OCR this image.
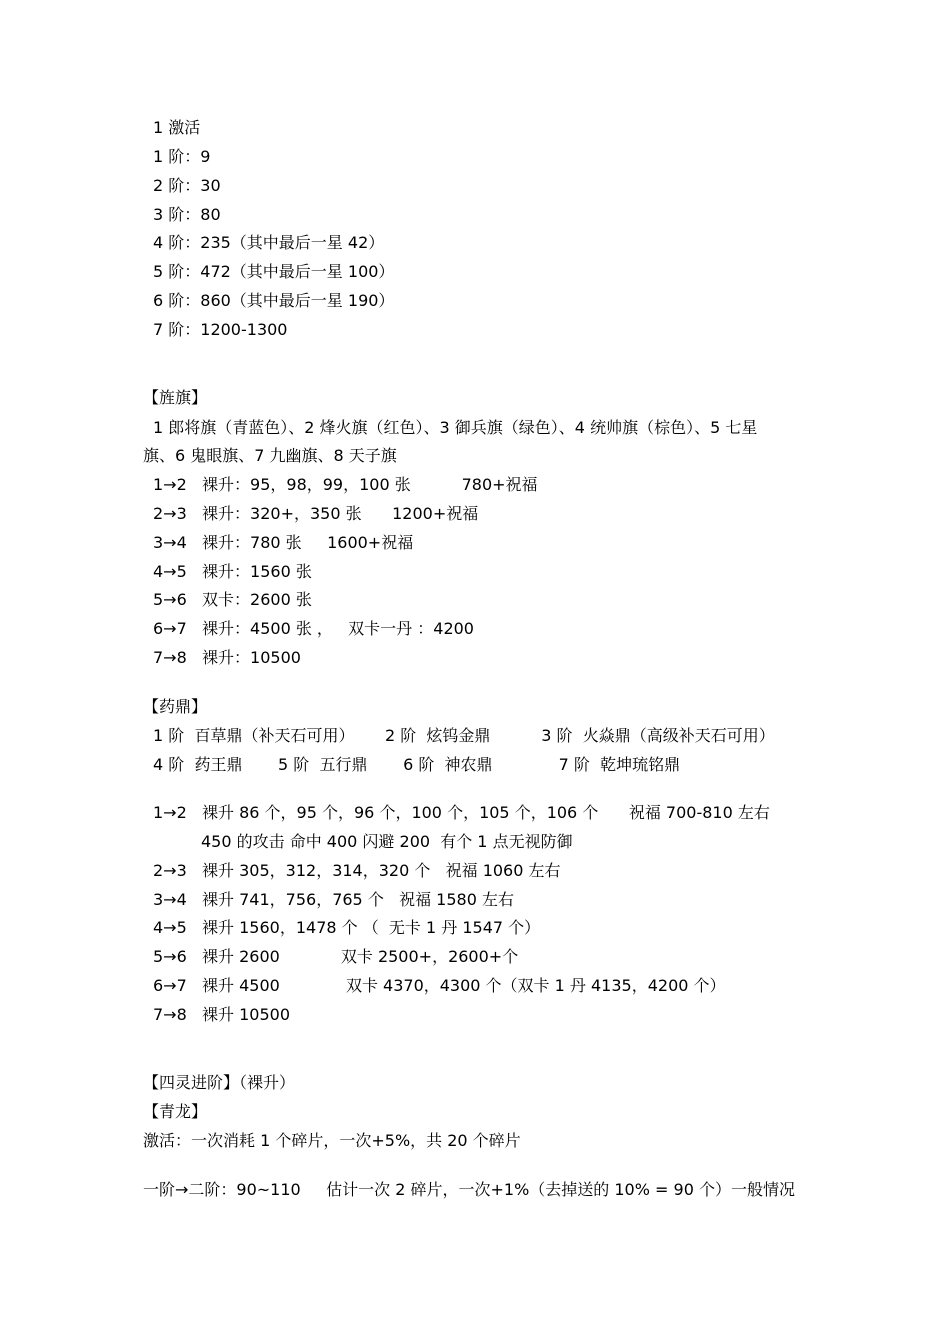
1 激活

1 阶：9

2 阶：30

3 阶：80

4 阶：235（其中最后一星 42）

5 阶：472（其中最后一星 100）

6 阶：860（其中最后一星 190）

7 阶：1200-1300

【旌旗】

1 郎将旗（青蓝色）、2 烽火旗（红色）、3 御兵旗（绿色）、4 统帅旗（棕色）、5 七星

旗、6 鬼眼旗、7 九幽旗、8 天子旗

1→2   裸升：95，98，99，100 张          780+祝福

2→3   裸升：320+，350 张      1200+祝福

3→4   裸升：780 张     1600+祝福

4→5   裸升：1560 张

5→6   双卡：2600 张

6→7   裸升：4500 张 ，   双卡一丹 ：4200

7→8   裸升：10500

【药鼎】

1 阶  百草鼎（补天石可用）      2 阶  炫钨金鼎          3 阶  火焱鼎（高级补天石可用）

4 阶  药王鼎       5 阶  五行鼎       6 阶  神农鼎             7 阶  乾坤琉铭鼎

1→2   裸升 86 个，95 个，96 个，100 个，105 个，106 个      祝福 700-810 左右

450 的攻击 命中 400 闪避 200  有个 1 点无视防御

2→3   裸升 305，312，314，320 个   祝福 1060 左右

3→4   裸升 741，756，765 个   祝福 1580 左右

4→5   裸升 1560，1478 个 （  无卡 1 丹 1547 个）

5→6   裸升 2600            双卡 2500+，2600+个

6→7   裸升 4500             双卡 4370，4300 个（双卡 1 丹 4135，4200 个）

7→8   裸升 10500

【四灵进阶】（裸升）

【青龙】

激活：一次消耗 1 个碎片，一次+5%，共 20 个碎片

一阶→二阶：90~110     估计一次 2 碎片，一次+1%（去掉送的 10% = 90 个）一般情况
